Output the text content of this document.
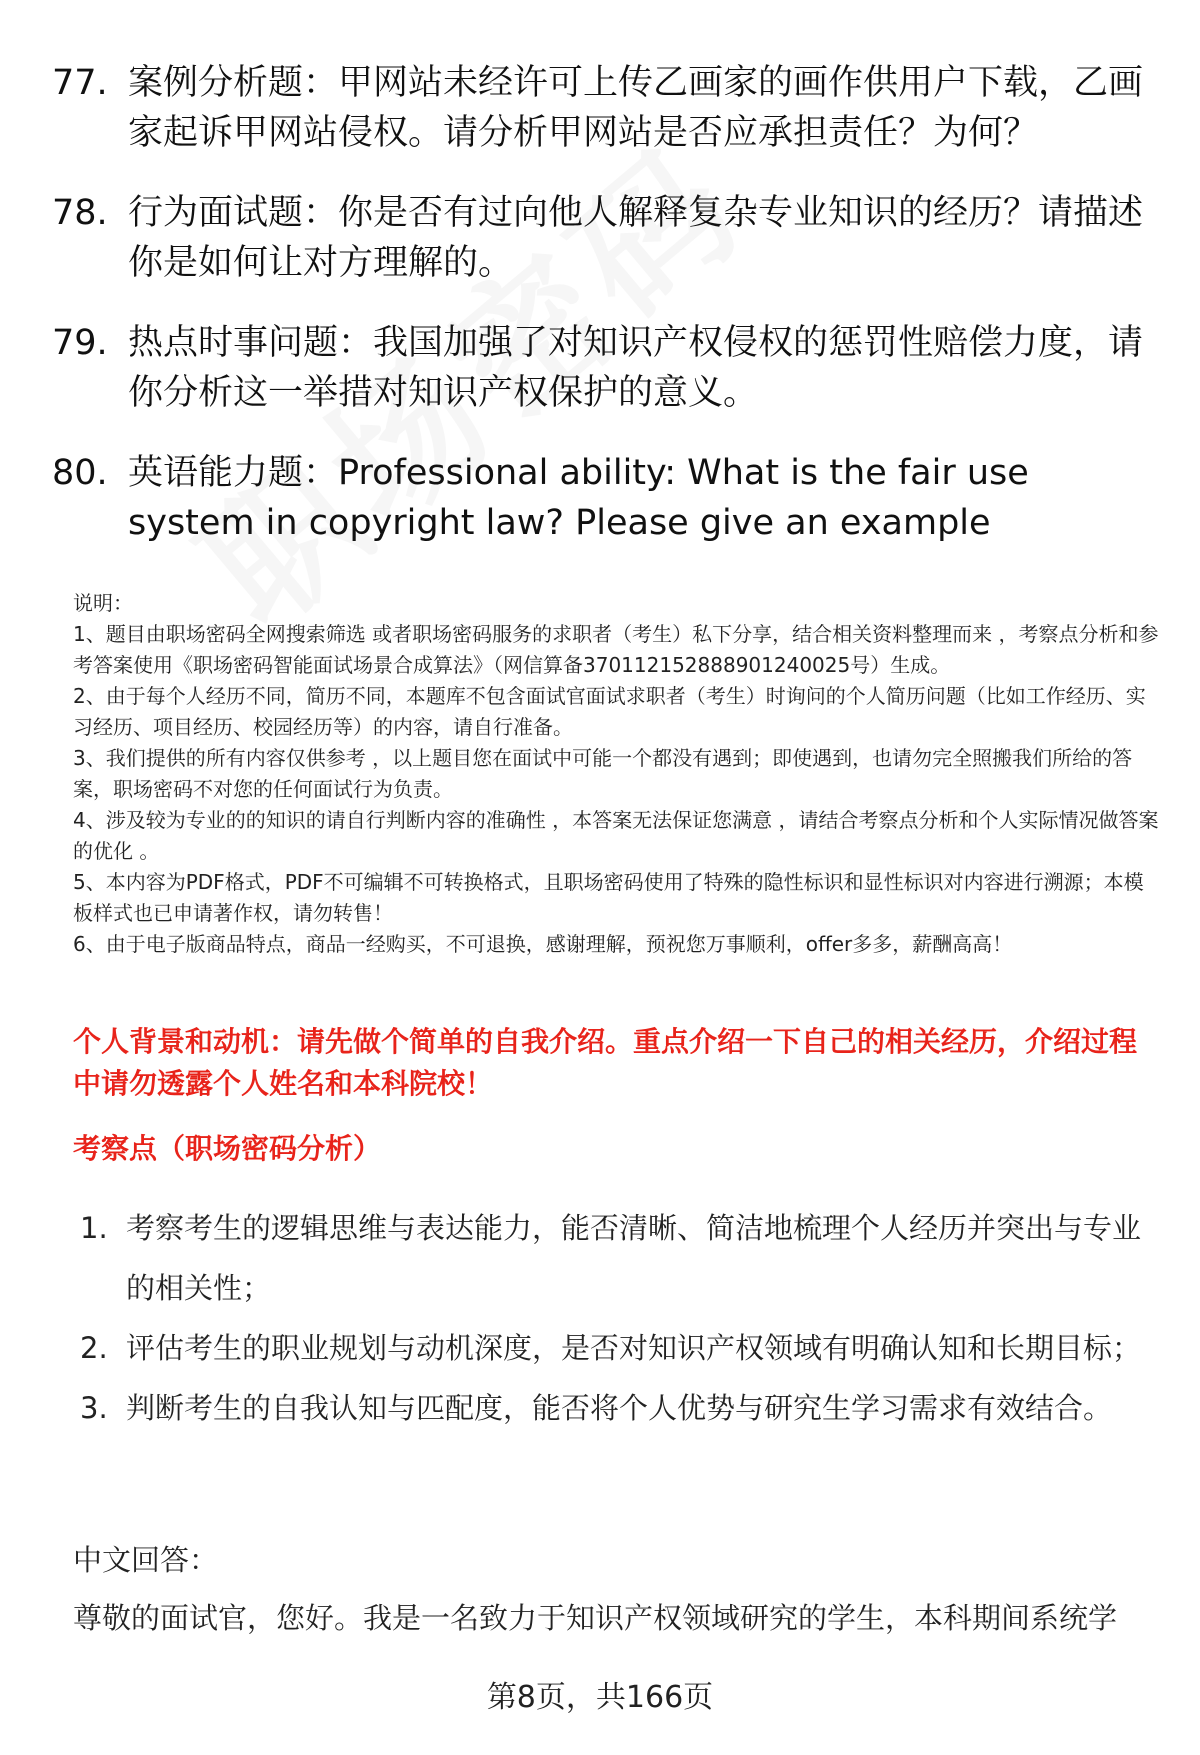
77. 案例分析题：甲网站未经许可上传乙画家的画作供用户下载，乙画家起诉甲网站侵权。请分析甲网站是否应承担责任？为何？
78. 行为面试题：你是否有过向他人解释复杂专业知识的经历？请描述你是如何让对方理解的。
79. 热点时事问题：我国加强了对知识产权侵权的惩罚性赔偿力度，请你分析这一举措对知识产权保护的意义。
80. 英语能力题：Professional ability: What is the fair use system in copyright law? Please give an example

说明：

1、题目由职场密码全网搜索筛选 或者职场密码服务的求职者（考生）私下分享，结合相关资料整理而来 ，考察点分析和参考答案使用《职场密码智能面试场景合成算法》（网信算备370112152888901240025号）生成。

2、由于每个人经历不同，简历不同，本题库不包含面试官面试求职者（考生）时询问的个人简历问题（比如工作经历、实习经历、项目经历、校园经历等）的内容，请自行准备。

3、我们提供的所有内容仅供参考 ，以上题目您在面试中可能一个都没有遇到；即使遇到，也请勿完全照搬我们所给的答案，职场密码不对您的任何面试行为负责。

4、涉及较为专业的的知识的请自行判断内容的准确性 ，本答案无法保证您满意 ，请结合考察点分析和个人实际情况做答案的优化 。

5、本内容为PDF格式，PDF不可编辑不可转换格式，且职场密码使用了特殊的隐性标识和显性标识对内容进行溯源；本模板样式也已申请著作权，请勿转售！

6、由于电子版商品特点，商品一经购买，不可退换，感谢理解，预祝您万事顺利，offer多多，薪酬高高！

个人背景和动机：请先做个简单的自我介绍。重点介绍一下自己的相关经历，介绍过程中请勿透露个人姓名和本科院校！
考察点（职场密码分析）
1. 考察考生的逻辑思维与表达能力，能否清晰、简洁地梳理个人经历并突出与专业的相关性；
2. 评估考生的职业规划与动机深度，是否对知识产权领域有明确认知和长期目标；
3. 判断考生的自我认知与匹配度，能否将个人优势与研究生学习需求有效结合。
中文回答：
尊敬的面试官，您好。我是一名致力于知识产权领域研究的学生，本科期间系统学
第8页，共166页
